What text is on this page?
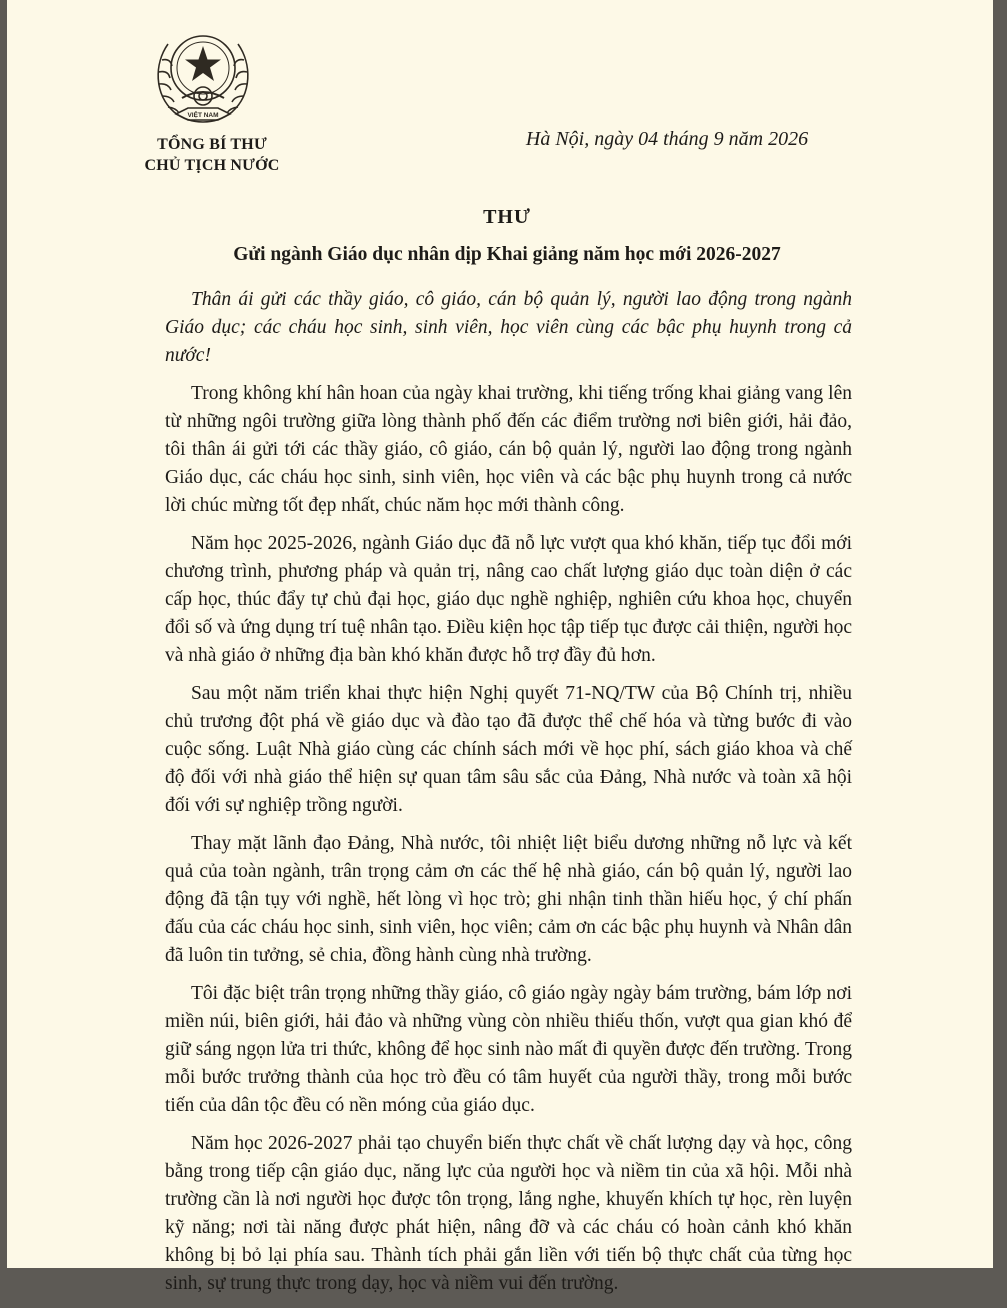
VIỆT NAM
TỔNG BÍ THƯ
CHỦ TỊCH NƯỚC
Hà Nội, ngày 04 tháng 9 năm 2026
THƯ
Gửi ngành Giáo dục nhân dịp Khai giảng năm học mới 2026-2027

Thân ái gửi các thầy giáo, cô giáo, cán bộ quản lý, người lao động trong ngành Giáo dục; các cháu học sinh, sinh viên, học viên cùng các bậc phụ huynh trong cả nước!

Trong không khí hân hoan của ngày khai trường, khi tiếng trống khai giảng vang lên từ những ngôi trường giữa lòng thành phố đến các điểm trường nơi biên giới, hải đảo, tôi thân ái gửi tới các thầy giáo, cô giáo, cán bộ quản lý, người lao động trong ngành Giáo dục, các cháu học sinh, sinh viên, học viên và các bậc phụ huynh trong cả nước lời chúc mừng tốt đẹp nhất, chúc năm học mới thành công.

Năm học 2025-2026, ngành Giáo dục đã nỗ lực vượt qua khó khăn, tiếp tục đổi mới chương trình, phương pháp và quản trị, nâng cao chất lượng giáo dục toàn diện ở các cấp học, thúc đẩy tự chủ đại học, giáo dục nghề nghiệp, nghiên cứu khoa học, chuyển đổi số và ứng dụng trí tuệ nhân tạo. Điều kiện học tập tiếp tục được cải thiện, người học và nhà giáo ở những địa bàn khó khăn được hỗ trợ đầy đủ hơn.

Sau một năm triển khai thực hiện Nghị quyết 71-NQ/TW của Bộ Chính trị, nhiều chủ trương đột phá về giáo dục và đào tạo đã được thể chế hóa và từng bước đi vào cuộc sống. Luật Nhà giáo cùng các chính sách mới về học phí, sách giáo khoa và chế độ đối với nhà giáo thể hiện sự quan tâm sâu sắc của Đảng, Nhà nước và toàn xã hội đối với sự nghiệp trồng người.

Thay mặt lãnh đạo Đảng, Nhà nước, tôi nhiệt liệt biểu dương những nỗ lực và kết quả của toàn ngành, trân trọng cảm ơn các thế hệ nhà giáo, cán bộ quản lý, người lao động đã tận tụy với nghề, hết lòng vì học trò; ghi nhận tinh thần hiếu học, ý chí phấn đấu của các cháu học sinh, sinh viên, học viên; cảm ơn các bậc phụ huynh và Nhân dân đã luôn tin tưởng, sẻ chia, đồng hành cùng nhà trường.

Tôi đặc biệt trân trọng những thầy giáo, cô giáo ngày ngày bám trường, bám lớp nơi miền núi, biên giới, hải đảo và những vùng còn nhiều thiếu thốn, vượt qua gian khó để giữ sáng ngọn lửa tri thức, không để học sinh nào mất đi quyền được đến trường. Trong mỗi bước trưởng thành của học trò đều có tâm huyết của người thầy, trong mỗi bước tiến của dân tộc đều có nền móng của giáo dục.

Năm học 2026-2027 phải tạo chuyển biến thực chất về chất lượng dạy và học, công bằng trong tiếp cận giáo dục, năng lực của người học và niềm tin của xã hội. Mỗi nhà trường cần là nơi người học được tôn trọng, lắng nghe, khuyến khích tự học, rèn luyện kỹ năng; nơi tài năng được phát hiện, nâng đỡ và các cháu có hoàn cảnh khó khăn không bị bỏ lại phía sau. Thành tích phải gắn liền với tiến bộ thực chất của từng học sinh, sự trung thực trong dạy, học và niềm vui đến trường.
